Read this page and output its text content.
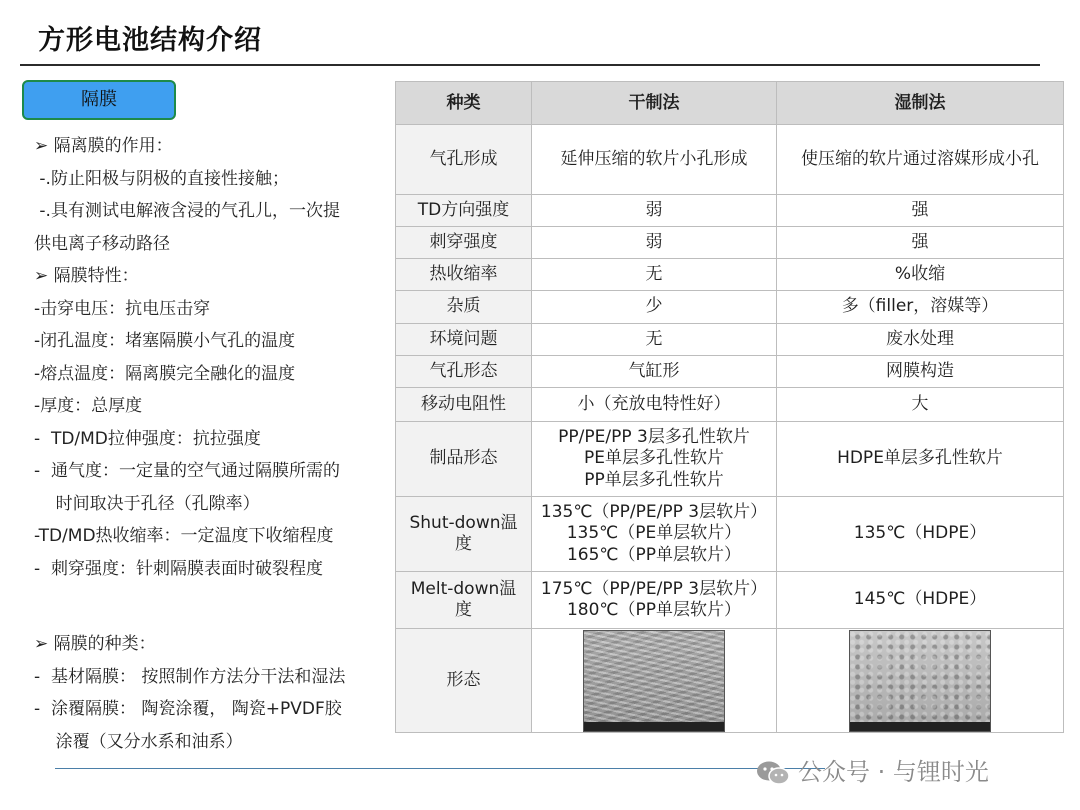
方形电池结构介绍
隔膜
➢ 隔离膜的作用：
-.防止阳极与阴极的直接性接触；
-.具有测试电解液含浸的气孔儿，一次提
供电离子移动路径
➢ 隔膜特性：
-击穿电压：抗电压击穿
-闭孔温度：堵塞隔膜小气孔的温度
-熔点温度：隔离膜完全融化的温度
-厚度：总厚度
-  TD/MD拉伸强度：抗拉强度
-  通气度：一定量的空气通过隔膜所需的
时间取决于孔径（孔隙率）
-TD/MD热收缩率：一定温度下收缩程度
-  刺穿强度：针刺隔膜表面时破裂程度
➢ 隔膜的种类：
-  基材隔膜： 按照制作方法分干法和湿法
-  涂覆隔膜： 陶瓷涂覆， 陶瓷+PVDF胶
涂覆（又分水系和油系）
种类	干制法	湿制法
气孔形成	延伸压缩的软片小孔形成	使压缩的软片通过溶媒形成小孔
TD方向强度	弱	强
刺穿强度	弱	强
热收缩率	无	%收缩
杂质	少	多（filler，溶媒等）
环境问题	无	废水处理
气孔形态	气缸形	网膜构造
移动电阻性	小（充放电特性好）	大
制品形态	PP/PE/PP 3层多孔性软片
PE单层多孔性软片
PP单层多孔性软片	HDPE单层多孔性软片
Shut-down温
度	135℃（PP/PE/PP 3层软片）
135℃（PE单层软片）
165℃（PP单层软片）	135℃（HDPE）
Melt-down温
度	175℃（PP/PE/PP 3层软片）
180℃（PP单层软片）	145℃（HDPE）
形态	

公众号 · 与锂时光
